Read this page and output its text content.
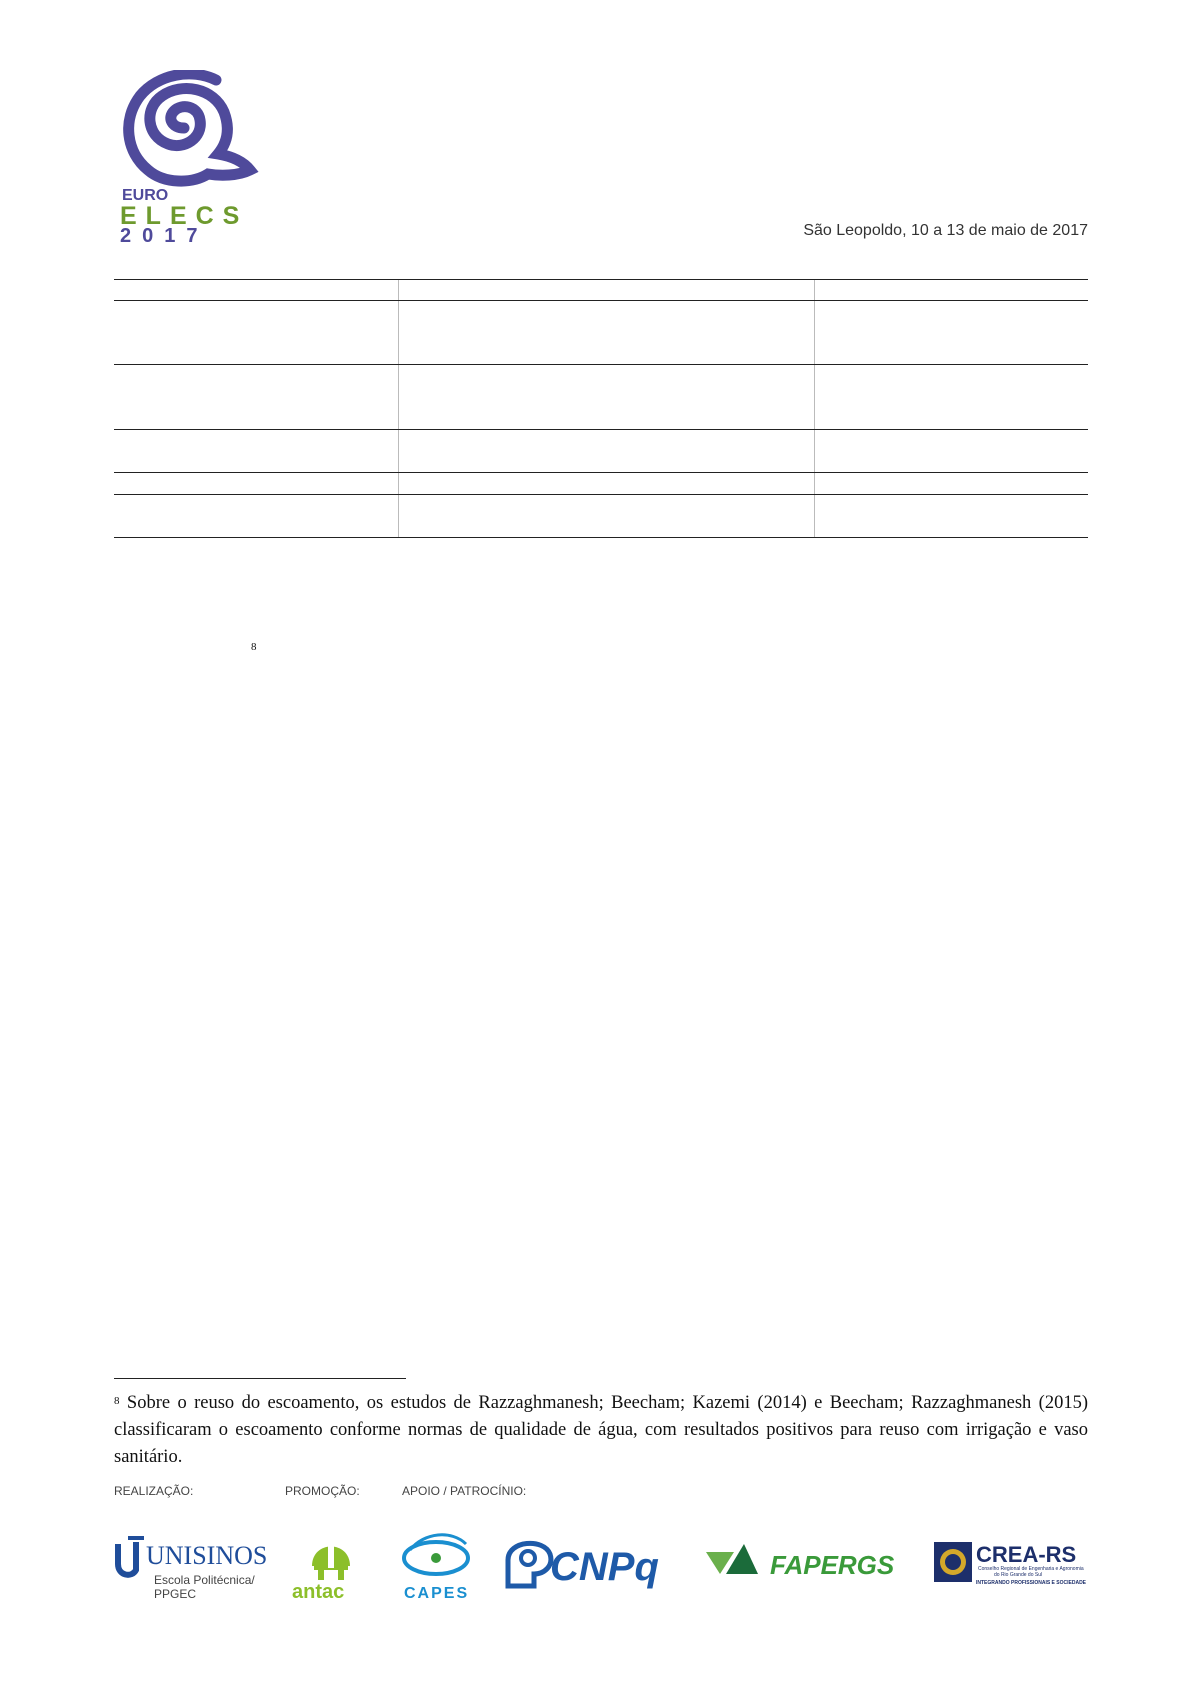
EURO
ELECS
2017	São Leopoldo, 10 a 13 de maio de 2017
8
$^8$ Sobre o reuso do escoamento, os estudos de Razzaghmanesh; Beecham; Kazemi (2014) e Beecham; Razzaghmanesh (2015) classificaram o escoamento conforme normas de qualidade de água, com resultados positivos para reuso com irrigação e vaso sanitário.
REALIZAÇÃO:	PROMOÇÃO:	APOIO / PATROCÍNIO:
UNISINOS
Escola Politécnica/
PPGEC	antac	CAPES
CNPq	FAPERGS	CREA-RS
Conselho Regional de Engenharia e Agronomia
do Rio Grande do Sul
INTEGRANDO PROFISSIONAIS E SOCIEDADE
